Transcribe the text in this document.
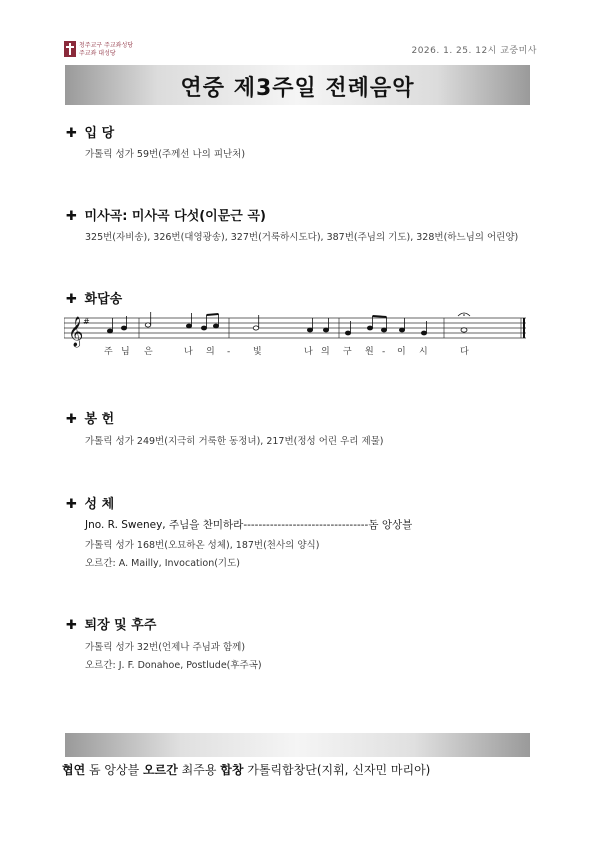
청주교구 주교좌성당
주교좌 대성당	2026. 1. 25. 12시 교중미사
연중 제3주일 전례음악
✚ 입 당
가톨릭 성가 59번(주께선 나의 피난처)
✚ 미사곡: 미사곡 다섯(이문근 곡)
325번(자비송), 326번(대영광송), 327번(거룩하시도다), 387번(주님의 기도), 328번(하느님의 어린양)
✚ 화답송
𝄞 #
주 님 은	나 의 -	빛	나 의 구 원 - 이 시	다
✚ 봉 헌
가톨릭 성가 249번(지극히 거룩한 동정녀), 217번(정성 어린 우리 제물)
✚ 성 체
Jno. R. Sweney, 주님을 찬미하라---------------------------------돔 앙상블
가톨릭 성가 168번(오묘하온 성체), 187번(천사의 양식)
오르간: A. Mailly, Invocation(기도)
✚ 퇴장 및 후주
가톨릭 성가 32번(언제나 주님과 함께)
오르간: J. F. Donahoe, Postlude(후주곡)
협연 돔 앙상블 오르간 최주용 합창 가톨릭합창단(지휘, 신자민 마리아)
